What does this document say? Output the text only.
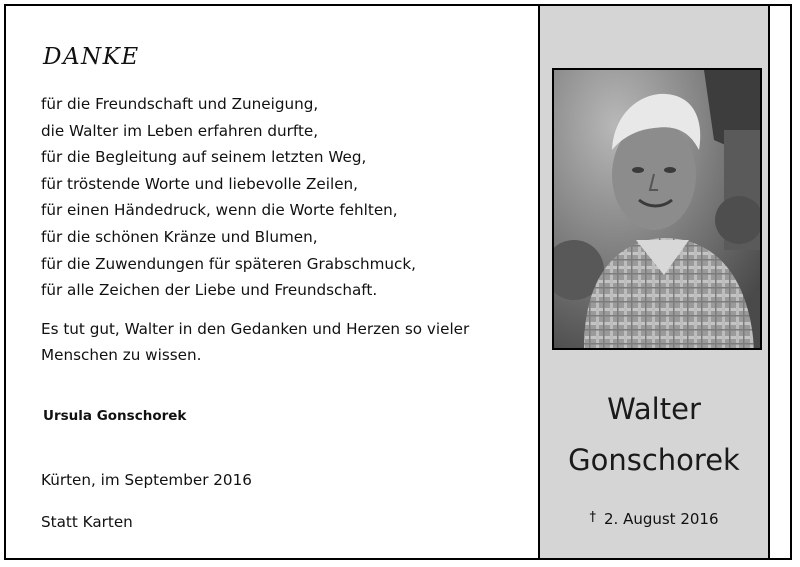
DANKE
für die Freundschaft und Zuneigung,
die Walter im Leben erfahren durfte,
für die Begleitung auf seinem letzten Weg,
für tröstende Worte und liebevolle Zeilen,
für einen Händedruck, wenn die Worte fehlten,
für die schönen Kränze und Blumen,
für die Zuwendungen für späteren Grabschmuck,
für alle Zeichen der Liebe und Freundschaft.
Es tut gut, Walter in den Gedanken und Herzen so vieler
Menschen zu wissen.
Ursula Gonschorek
Kürten, im September 2016
Statt Karten
Walter
Gonschorek
† 2. August 2016
